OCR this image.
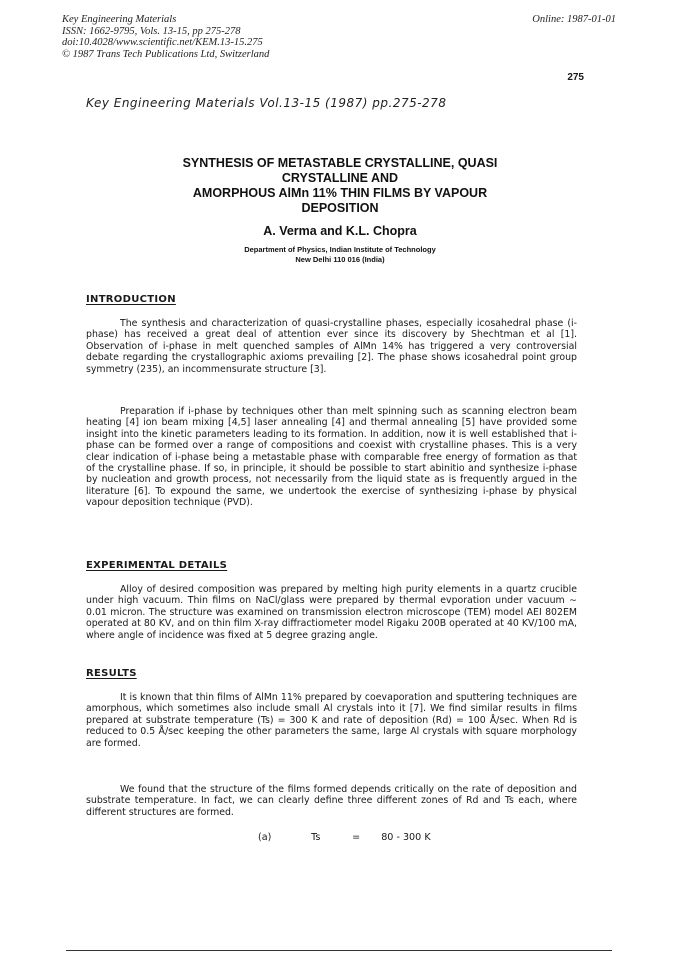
Key Engineering Materials
ISSN: 1662-9795, Vols. 13-15, pp 275-278
doi:10.4028/www.scientific.net/KEM.13-15.275
© 1987 Trans Tech Publications Ltd, Switzerland
Online: 1987-01-01
275
Key Engineering Materials Vol.13-15 (1987) pp.275-278
SYNTHESIS OF METASTABLE CRYSTALLINE, QUASI
CRYSTALLINE AND
AMORPHOUS AlMn 11% THIN FILMS BY VAPOUR
DEPOSITION
A. Verma and K.L. Chopra
Department of Physics, Indian Institute of Technology
New Delhi 110 016 (India)
INTRODUCTION

The synthesis and characterization of quasi-crystalline phases, especially icosahedral phase (i-phase) has received a great deal of attention ever since its discovery by Shechtman et al [1]. Observation of i-phase in melt quenched samples of AlMn 14% has triggered a very controversial debate regarding the crystallographic axioms prevailing [2]. The phase shows icosahedral point group symmetry (235), an incommensurate structure [3].

Preparation if i-phase by techniques other than melt spinning such as scanning electron beam heating [4] ion beam mixing [4,5] laser annealing [4] and thermal annealing [5] have provided some insight into the kinetic parameters leading to its formation. In addition, now it is well established that i-phase can be formed over a range of compositions and coexist with crystalline phases. This is a very clear indication of i-phase being a metastable phase with comparable free energy of formation as that of the crystalline phase. If so, in principle, it should be possible to start abinitio and synthesize i-phase by nucleation and growth process, not necessarily from the liquid state as is frequently argued in the literature [6]. To expound the same, we undertook the exercise of synthesizing i-phase by physical vapour deposition technique (PVD).

EXPERIMENTAL DETAILS

Alloy of desired composition was prepared by melting high purity elements in a quartz crucible under high vacuum. Thin films on NaCl/glass were prepared by thermal evporation under vacuum ∼ 0.01 micron. The structure was examined on transmission electron microscope (TEM) model AEI 802EM operated at 80 KV, and on thin film X-ray diffractiometer model Rigaku 200B operated at 40 KV/100 mA, where angle of incidence was fixed at 5 degree grazing angle.

RESULTS

It is known that thin films of AlMn 11% prepared by coevaporation and sputtering techniques are amorphous, which sometimes also include small Al crystals into it [7]. We find similar results in films prepared at substrate temperature (Ts) = 300 K and rate of deposition (Rd) = 100 Å/sec. When Rd is reduced to 0.5 Å/sec keeping the other parameters the same, large Al crystals with square morphology are formed.

We found that the structure of the films formed depends critically on the rate of deposition and substrate temperature. In fact, we can clearly define three different zones of Rd and Ts each, where different structures are formed.

(a)	Ts	= 80 - 300 K
